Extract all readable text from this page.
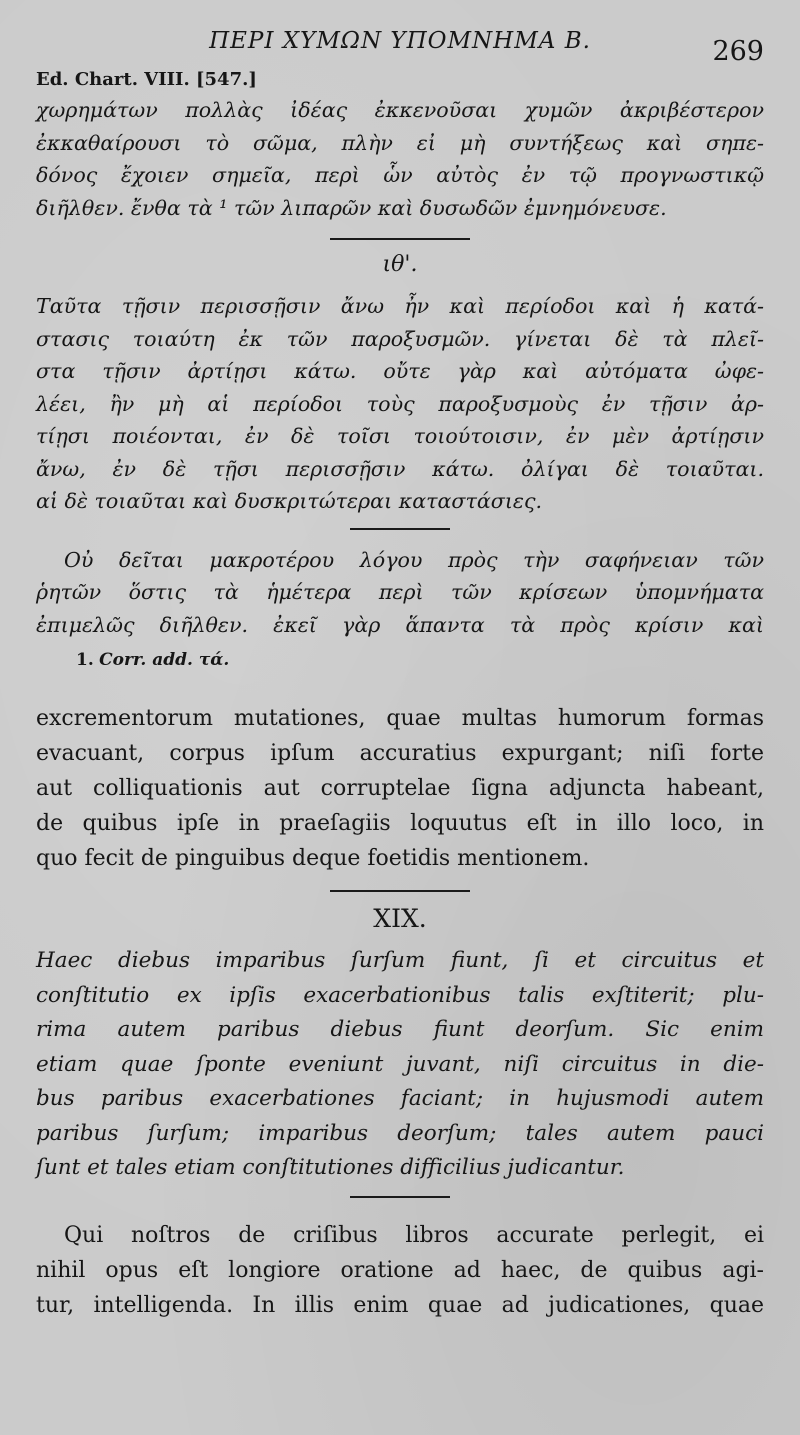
ΠΕΡΙ ΧΥΜΩΝ ΥΠΟΜΝΗΜΑ Β.	269

Ed. Chart. VIII. [547.]

χωρημάτων πολλὰς ἰδέας ἐκκενοῦσαι χυμῶν ἀκριβέστερον
ἐκκαθαίρουσι τὸ σῶμα, πλὴν εἰ μὴ συντήξεως καὶ σηπε-
δόνος ἔχοιεν σημεῖα, περὶ ὧν αὐτὸς ἐν τῷ προγνωστικῷ
διῆλθεν. ἔνθα τὰ ¹ τῶν λιπαρῶν καὶ δυσωδῶν ἐμνημόνευσε.

ιθ'.

Ταῦτα τῇσιν περισσῇσιν ἄνω ἦν καὶ περίοδοι καὶ ἡ κατά-
στασις τοιαύτη ἐκ τῶν παροξυσμῶν. γίνεται δὲ τὰ πλεῖ-
στα τῇσιν ἀρτίῃσι κάτω. οὔτε γὰρ καὶ αὐτόματα ὠφε-
λέει, ἢν μὴ αἱ περίοδοι τοὺς παροξυσμοὺς ἐν τῇσιν ἀρ-
τίῃσι ποιέονται, ἐν δὲ τοῖσι τοιούτοισιν, ἐν μὲν ἀρτίῃσιν
ἄνω, ἐν δὲ τῇσι περισσῇσιν κάτω. ὀλίγαι δὲ τοιαῦται.
αἱ δὲ τοιαῦται καὶ δυσκριτώτεραι καταστάσιες.
Οὐ δεῖται μακροτέρου λόγου πρὸς τὴν σαφήνειαν τῶν
ῥητῶν ὅστις τὰ ἡμέτερα περὶ τῶν κρίσεων ὑπομνήματα
ἐπιμελῶς διῆλθεν. ἐκεῖ γὰρ ἅπαντα τὰ πρὸς κρίσιν καὶ
1. Corr. add. τά.
excrementorum mutationes, quae multas humorum formas
evacuant, corpus ipſum accuratius expurgant; niſi forte
aut colliquationis aut corruptelae ſigna adjuncta habeant,
de quibus ipſe in praeſagiis loquutus eſt in illo loco, in
quo fecit de pinguibus deque foetidis mentionem.

XIX.

Haec diebus imparibus ſurſum fiunt, ſi et circuitus et
conſtitutio ex ipſis exacerbationibus talis exſtiterit; plu-
rima autem paribus diebus fiunt deorſum. Sic enim
etiam quae ſponte eveniunt juvant, niſi circuitus in die-
bus paribus exacerbationes faciant; in hujusmodi autem
paribus ſurſum; imparibus deorſum; tales autem pauci
ſunt et tales etiam conſtitutiones difficilius judicantur.
Qui noſtros de criſibus libros accurate perlegit, ei
nihil opus eſt longiore oratione ad haec, de quibus agi-
tur, intelligenda. In illis enim quae ad judicationes, quae
